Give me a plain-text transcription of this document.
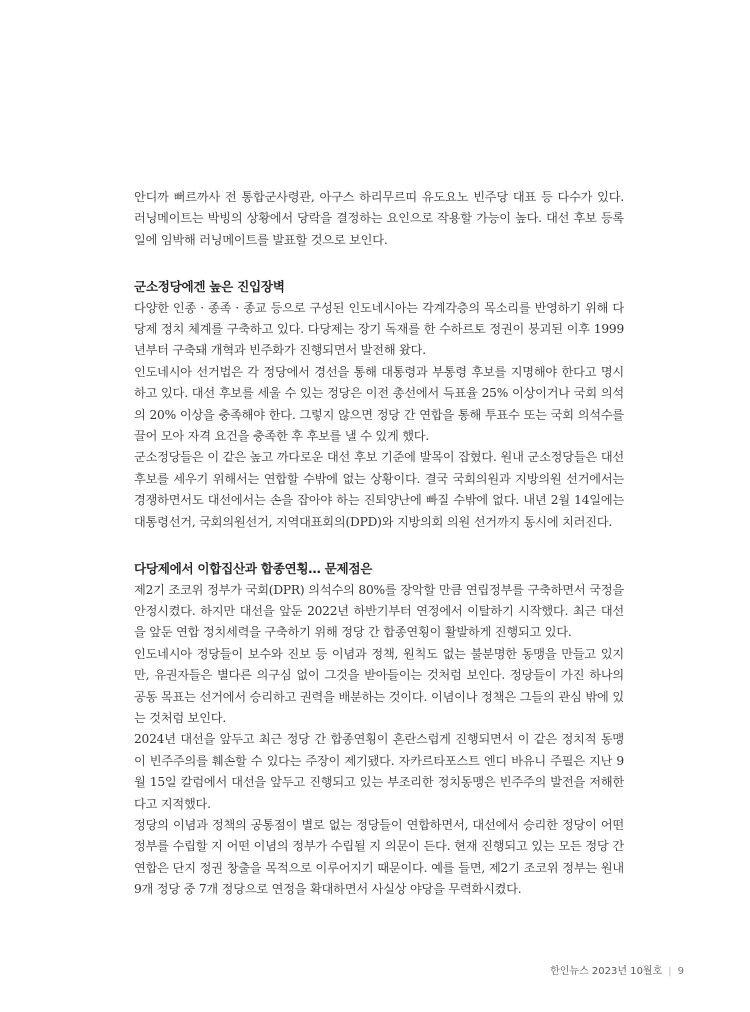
안디까 뻐르까사 전 통합군사령관, 아구스 하리무르띠 유도요노 빈주당 대표 등 다수가 있다. 러닝메이트는 박빙의 상황에서 당락을 결정하는 요인으로 작용할 가능이 높다. 대선 후보 등록일에 임박해 러닝메이트를 발표할 것으로 보인다.

군소정당에겐 높은 진입장벽

다양한 인종 · 종족 · 종교 등으로 구성된 인도네시아는 각계각층의 목소리를 반영하기 위해 다당제 정치 체계를 구축하고 있다. 다당제는 장기 독재를 한 수하르토 정권이 붕괴된 이후 1999년부터 구축돼 개혁과 빈주화가 진행되면서 발전해 왔다.

인도네시아 선거법은 각 정당에서 경선을 통해 대통령과 부통령 후보를 지명해야 한다고 명시하고 있다. 대선 후보를 세울 수 있는 정당은 이전 총선에서 득표율 25% 이상이거나 국회 의석의 20% 이상을 충족해야 한다. 그렇지 않으면 정당 간 연합을 통해 투표수 또는 국회 의석수를 끌어 모아 자격 요건을 충족한 후 후보를 낼 수 있게 했다.

군소정당들은 이 같은 높고 까다로운 대선 후보 기준에 발목이 잡혔다. 원내 군소정당들은 대선 후보를 세우기 위해서는 연합할 수밖에 없는 상황이다. 결국 국회의원과 지방의원 선거에서는 경쟁하면서도 대선에서는 손을 잡아야 하는 진퇴양난에 빠질 수밖에 없다. 내년 2월 14일에는 대통령선거, 국회의원선거, 지역대표회의(DPD)와 지방의회 의원 선거까지 동시에 치러진다.

다당제에서 이합집산과 합종연횡… 문제점은

제2기 조코위 정부가 국회(DPR) 의석수의 80%를 장악할 만큼 연립정부를 구축하면서 국정을 안정시켰다. 하지만 대선을 앞둔 2022년 하반기부터 연정에서 이탈하기 시작했다. 최근 대선을 앞둔 연합 정치세력을 구축하기 위해 정당 간 합종연횡이 활발하게 진행되고 있다.

인도네시아 정당들이 보수와 진보 등 이념과 정책, 원칙도 없는 불분명한 동맹을 만들고 있지만, 유권자들은 별다른 의구심 없이 그것을 받아들이는 것처럼 보인다. 정당들이 가진 하나의 공동 목표는 선거에서 승리하고 권력을 배분하는 것이다. 이념이나 정책은 그들의 관심 밖에 있는 것처럼 보인다.

2024년 대선을 앞두고 최근 정당 간 합종연횡이 혼란스럽게 진행되면서 이 같은 정치적 동맹이 빈주주의를 훼손할 수 있다는 주장이 제기됐다. 자카르타포스트 엔디 바유니 주필은 지난 9월 15일 칼럼에서 대선을 앞두고 진행되고 있는 부조리한 정치동맹은 빈주주의 발전을 저해한다고 지적했다.

정당의 이념과 정책의 공통점이 별로 없는 정당들이 연합하면서, 대선에서 승리한 정당이 어떤 정부를 수립할 지 어떤 이념의 정부가 수립될 지 의문이 든다. 현재 진행되고 있는 모든 정당 간 연합은 단지 정권 창출을 목적으로 이루어지기 때문이다. 예를 들면, 제2기 조코위 정부는 원내 9개 정당 중 7개 정당으로 연정을 확대하면서 사실상 야당을 무력화시켰다.

한인뉴스 2023년 10월호 | 9
